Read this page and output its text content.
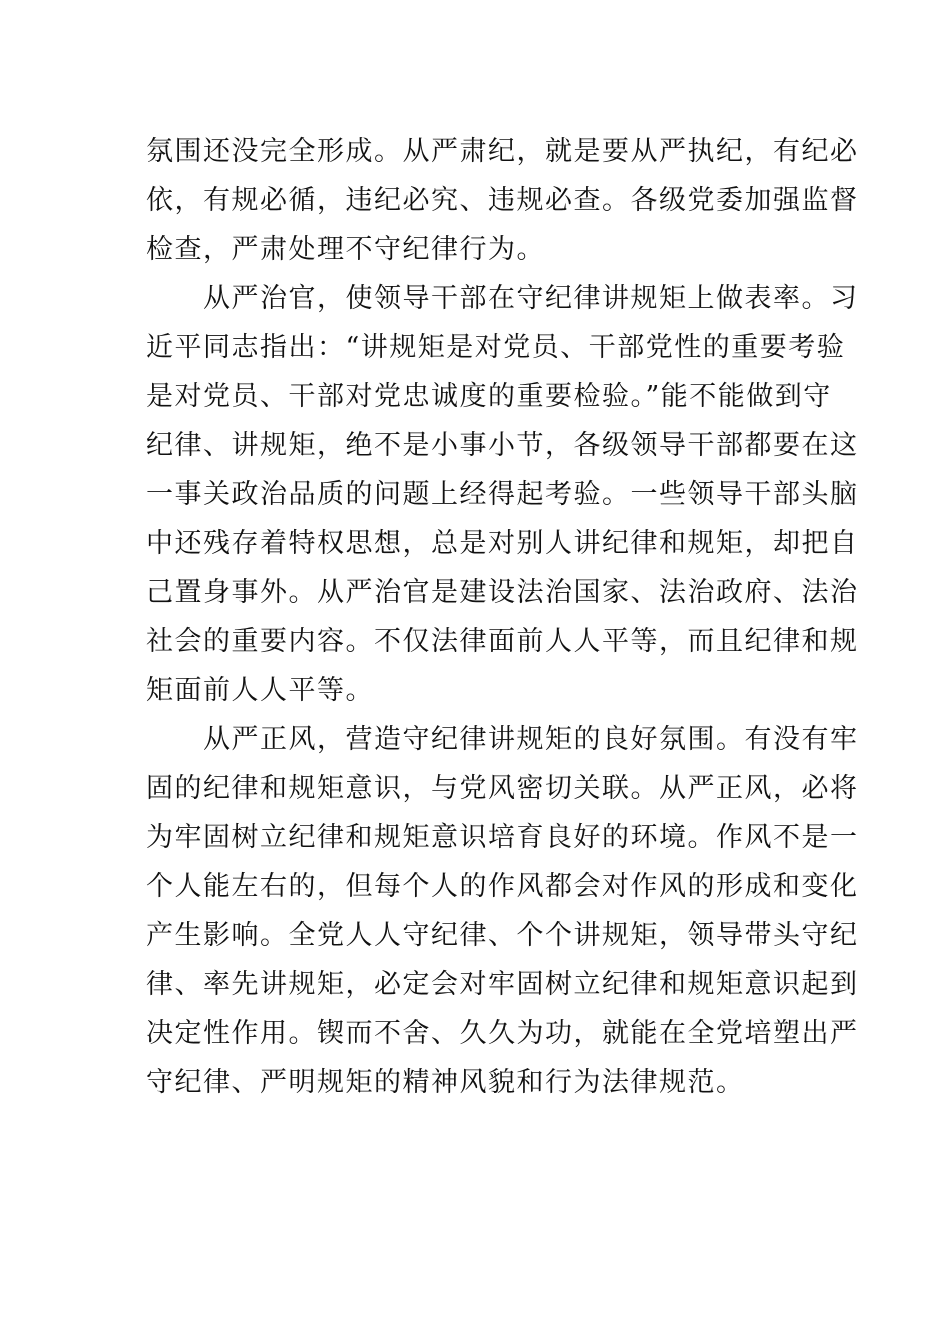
氛围还没完全形成。从严肃纪，就是要从严执纪，有纪必
依，有规必循，违纪必究、违规必查。各级党委加强监督
检查，严肃处理不守纪律行为。

从严治官，使领导干部在守纪律讲规矩上做表率。习
近平同志指出：“讲规矩是对党员、干部党性的重要考验
是对党员、干部对党忠诚度的重要检验。”能不能做到守
纪律、讲规矩，绝不是小事小节，各级领导干部都要在这
一事关政治品质的问题上经得起考验。一些领导干部头脑
中还残存着特权思想，总是对别人讲纪律和规矩，却把自
己置身事外。从严治官是建设法治国家、法治政府、法治
社会的重要内容。不仅法律面前人人平等，而且纪律和规
矩面前人人平等。

从严正风，营造守纪律讲规矩的良好氛围。有没有牢
固的纪律和规矩意识，与党风密切关联。从严正风，必将
为牢固树立纪律和规矩意识培育良好的环境。作风不是一
个人能左右的，但每个人的作风都会对作风的形成和变化
产生影响。全党人人守纪律、个个讲规矩，领导带头守纪
律、率先讲规矩，必定会对牢固树立纪律和规矩意识起到
决定性作用。锲而不舍、久久为功，就能在全党培塑出严
守纪律、严明规矩的精神风貌和行为法律规范。
